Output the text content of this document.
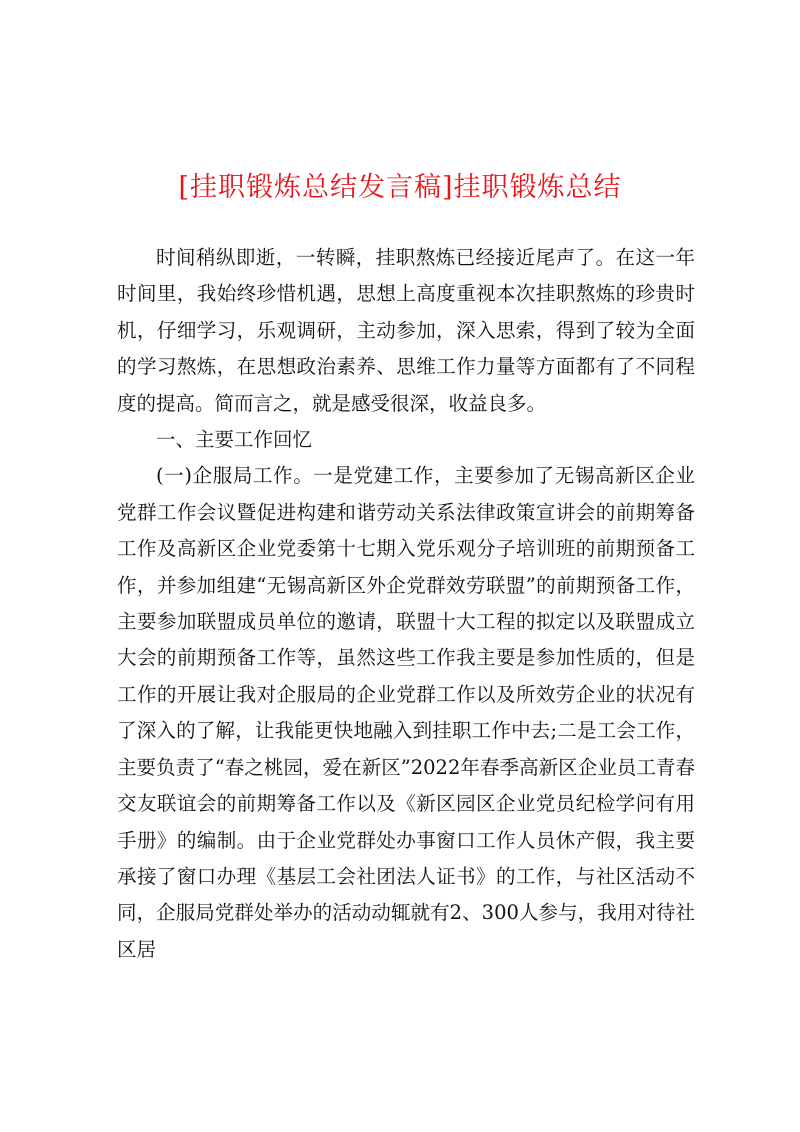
[挂职锻炼总结发言稿]挂职锻炼总结

时间稍纵即逝，一转瞬，挂职熬炼已经接近尾声了。在这一年时间里，我始终珍惜机遇，思想上高度重视本次挂职熬炼的珍贵时机，仔细学习，乐观调研，主动参加，深入思索，得到了较为全面的学习熬炼，在思想政治素养、思维工作力量等方面都有了不同程度的提高。简而言之，就是感受很深，收益良多。

一、主要工作回忆

(一)企服局工作。一是党建工作，主要参加了无锡高新区企业党群工作会议暨促进构建和谐劳动关系法律政策宣讲会的前期筹备工作及高新区企业党委第十七期入党乐观分子培训班的前期预备工作，并参加组建“无锡高新区外企党群效劳联盟”的前期预备工作，主要参加联盟成员单位的邀请，联盟十大工程的拟定以及联盟成立大会的前期预备工作等，虽然这些工作我主要是参加性质的，但是工作的开展让我对企服局的企业党群工作以及所效劳企业的状况有了深入的了解，让我能更快地融入到挂职工作中去;二是工会工作，主要负责了“春之桃园，爱在新区”2022年春季高新区企业员工青春交友联谊会的前期筹备工作以及《新区园区企业党员纪检学问有用手册》的编制。由于企业党群处办事窗口工作人员休产假，我主要承接了窗口办理《基层工会社团法人证书》的工作，与社区活动不同，企服局党群处举办的活动动辄就有2、300人参与，我用对待社区居
